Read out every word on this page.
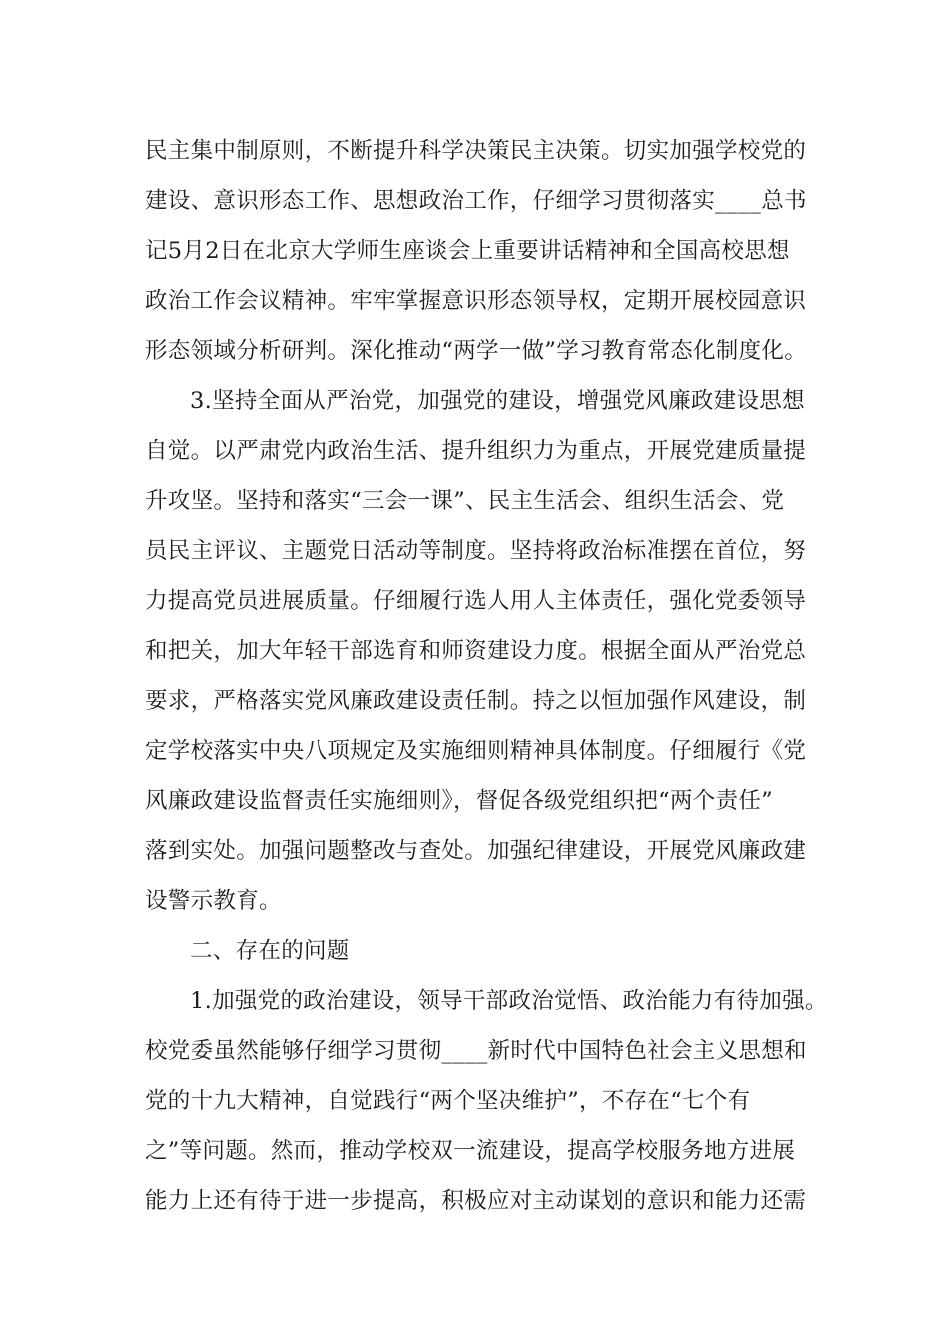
民主集中制原则，不断提升科学决策民主决策。切实加强学校党的

建设、意识形态工作、思想政治工作，仔细学习贯彻落实____总书

记5月2日在北京大学师生座谈会上重要讲话精神和全国高校思想

政治工作会议精神。牢牢掌握意识形态领导权，定期开展校园意识

形态领域分析研判。深化推动“两学一做”学习教育常态化制度化。

3.坚持全面从严治党，加强党的建设，增强党风廉政建设思想

自觉。以严肃党内政治生活、提升组织力为重点，开展党建质量提

升攻坚。坚持和落实“三会一课”、民主生活会、组织生活会、党

员民主评议、主题党日活动等制度。坚持将政治标准摆在首位，努

力提高党员进展质量。仔细履行选人用人主体责任，强化党委领导

和把关，加大年轻干部选育和师资建设力度。根据全面从严治党总

要求，严格落实党风廉政建设责任制。持之以恒加强作风建设，制

定学校落实中央八项规定及实施细则精神具体制度。仔细履行《党

风廉政建设监督责任实施细则》，督促各级党组织把“两个责任”

落到实处。加强问题整改与查处。加强纪律建设，开展党风廉政建

设警示教育。

二、存在的问题

1.加强党的政治建设，领导干部政治觉悟、政治能力有待加强。

校党委虽然能够仔细学习贯彻____新时代中国特色社会主义思想和

党的十九大精神，自觉践行“两个坚决维护”，不存在“七个有

之”等问题。然而，推动学校双一流建设，提高学校服务地方进展

能力上还有待于进一步提高，积极应对主动谋划的意识和能力还需
